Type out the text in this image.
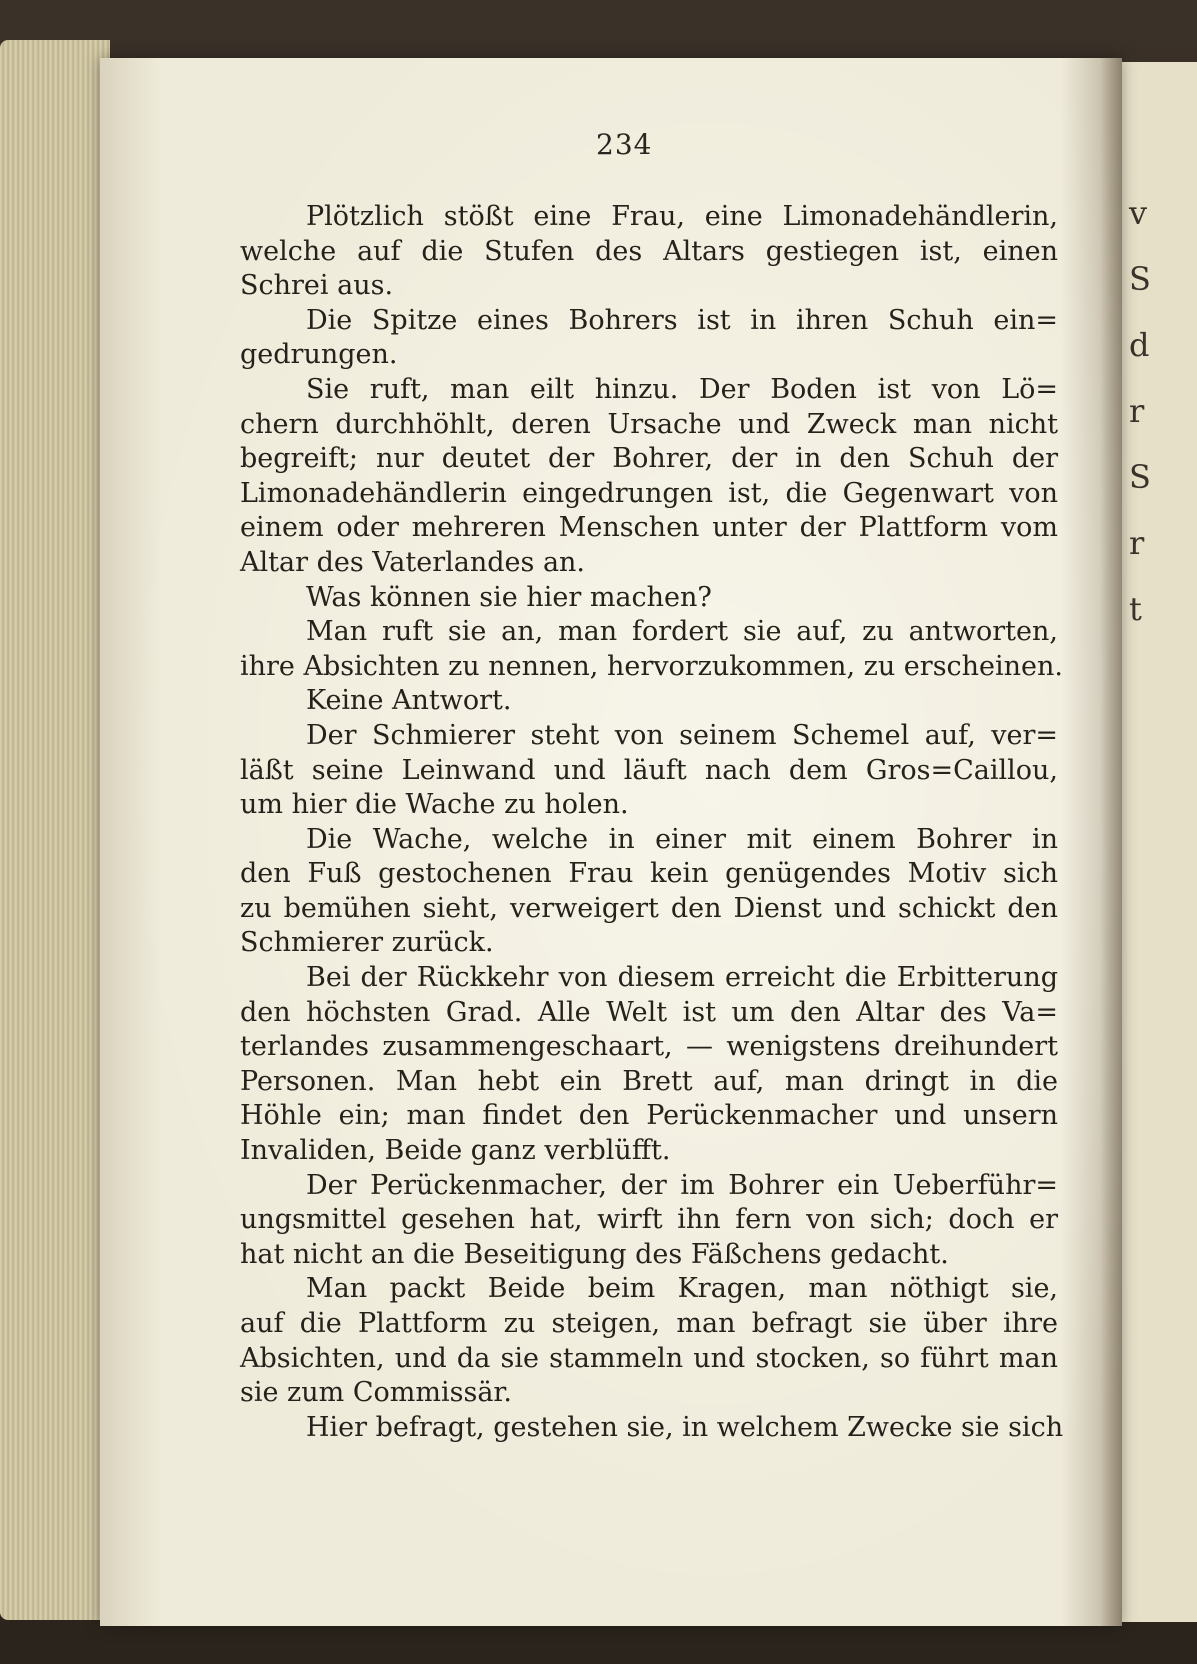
v
S
d
r
S
r
t
234
Plötzlich stößt eine Frau, eine Limonadehändlerin,
welche auf die Stufen des Altars gestiegen ist, einen
Schrei aus.
Die Spitze eines Bohrers ist in ihren Schuh ein=
gedrungen.
Sie ruft, man eilt hinzu. Der Boden ist von Lö=
chern durchhöhlt, deren Ursache und Zweck man nicht
begreift; nur deutet der Bohrer, der in den Schuh der
Limonadehändlerin eingedrungen ist, die Gegenwart von
einem oder mehreren Menschen unter der Plattform vom
Altar des Vaterlandes an.
Was können sie hier machen?
Man ruft sie an, man fordert sie auf, zu antworten,
ihre Absichten zu nennen, hervorzukommen, zu erscheinen.
Keine Antwort.
Der Schmierer steht von seinem Schemel auf, ver=
läßt seine Leinwand und läuft nach dem Gros=Caillou,
um hier die Wache zu holen.
Die Wache, welche in einer mit einem Bohrer in
den Fuß gestochenen Frau kein genügendes Motiv sich
zu bemühen sieht, verweigert den Dienst und schickt den
Schmierer zurück.
Bei der Rückkehr von diesem erreicht die Erbitterung
den höchsten Grad. Alle Welt ist um den Altar des Va=
terlandes zusammengeschaart, — wenigstens dreihundert
Personen. Man hebt ein Brett auf, man dringt in die
Höhle ein; man findet den Perückenmacher und unsern
Invaliden, Beide ganz verblüfft.
Der Perückenmacher, der im Bohrer ein Ueberführ=
ungsmittel gesehen hat, wirft ihn fern von sich; doch er
hat nicht an die Beseitigung des Fäßchens gedacht.
Man packt Beide beim Kragen, man nöthigt sie,
auf die Plattform zu steigen, man befragt sie über ihre
Absichten, und da sie stammeln und stocken, so führt man
sie zum Commissär.
Hier befragt, gestehen sie, in welchem Zwecke sie sich
